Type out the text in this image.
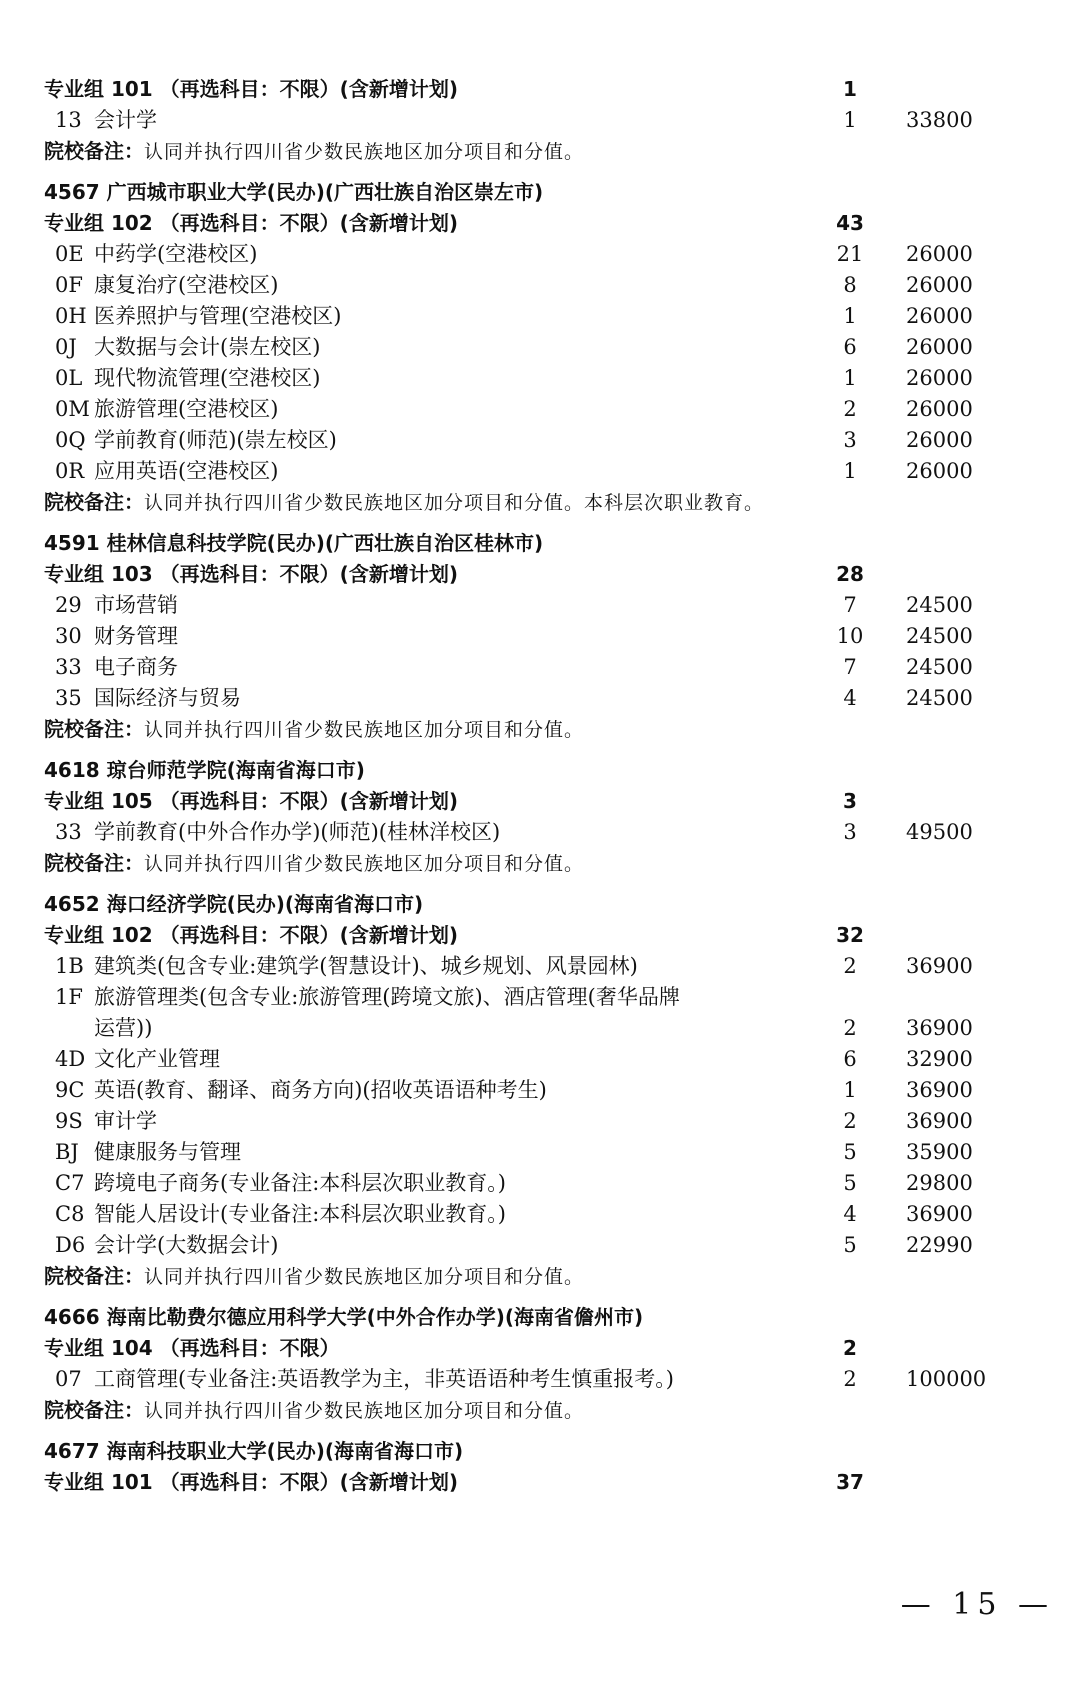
专业组 101 （再选科目：不限）(含新增计划)	1
13 会计学	1	33800
院校备注：认同并执行四川省少数民族地区加分项目和分值。
4567 广西城市职业大学(民办)(广西壮族自治区崇左市)
专业组 102 （再选科目：不限）(含新增计划)	43
0E 中药学(空港校区)	21	26000
0F 康复治疗(空港校区)	8	26000
0H 医养照护与管理(空港校区)	1	26000
0J 大数据与会计(崇左校区)	6	26000
0L 现代物流管理(空港校区)	1	26000
0M 旅游管理(空港校区)	2	26000
0Q 学前教育(师范)(崇左校区)	3	26000
0R 应用英语(空港校区)	1	26000
院校备注：认同并执行四川省少数民族地区加分项目和分值。本科层次职业教育。
4591 桂林信息科技学院(民办)(广西壮族自治区桂林市)
专业组 103 （再选科目：不限）(含新增计划)	28
29 市场营销	7	24500
30 财务管理	10	24500
33 电子商务	7	24500
35 国际经济与贸易	4	24500
院校备注：认同并执行四川省少数民族地区加分项目和分值。
4618 琼台师范学院(海南省海口市)
专业组 105 （再选科目：不限）(含新增计划)	3
33 学前教育(中外合作办学)(师范)(桂林洋校区)	3	49500
院校备注：认同并执行四川省少数民族地区加分项目和分值。
4652 海口经济学院(民办)(海南省海口市)
专业组 102 （再选科目：不限）(含新增计划)	32
1B 建筑类(包含专业:建筑学(智慧设计)、城乡规划、风景园林)	2	36900
1F 旅游管理类(包含专业:旅游管理(跨境文旅)、酒店管理(奢华品牌
运营))	2	36900
4D 文化产业管理	6	32900
9C 英语(教育、翻译、商务方向)(招收英语语种考生)	1	36900
9S 审计学	2	36900
BJ 健康服务与管理	5	35900
C7 跨境电子商务(专业备注:本科层次职业教育。)	5	29800
C8 智能人居设计(专业备注:本科层次职业教育。)	4	36900
D6 会计学(大数据会计)	5	22990
院校备注：认同并执行四川省少数民族地区加分项目和分值。
4666 海南比勒费尔德应用科学大学(中外合作办学)(海南省儋州市)
专业组 104 （再选科目：不限）	2
07 工商管理(专业备注:英语教学为主，非英语语种考生慎重报考。)	2	100000
院校备注：认同并执行四川省少数民族地区加分项目和分值。
4677 海南科技职业大学(民办)(海南省海口市)
专业组 101 （再选科目：不限）(含新增计划)	37
— 15 —
